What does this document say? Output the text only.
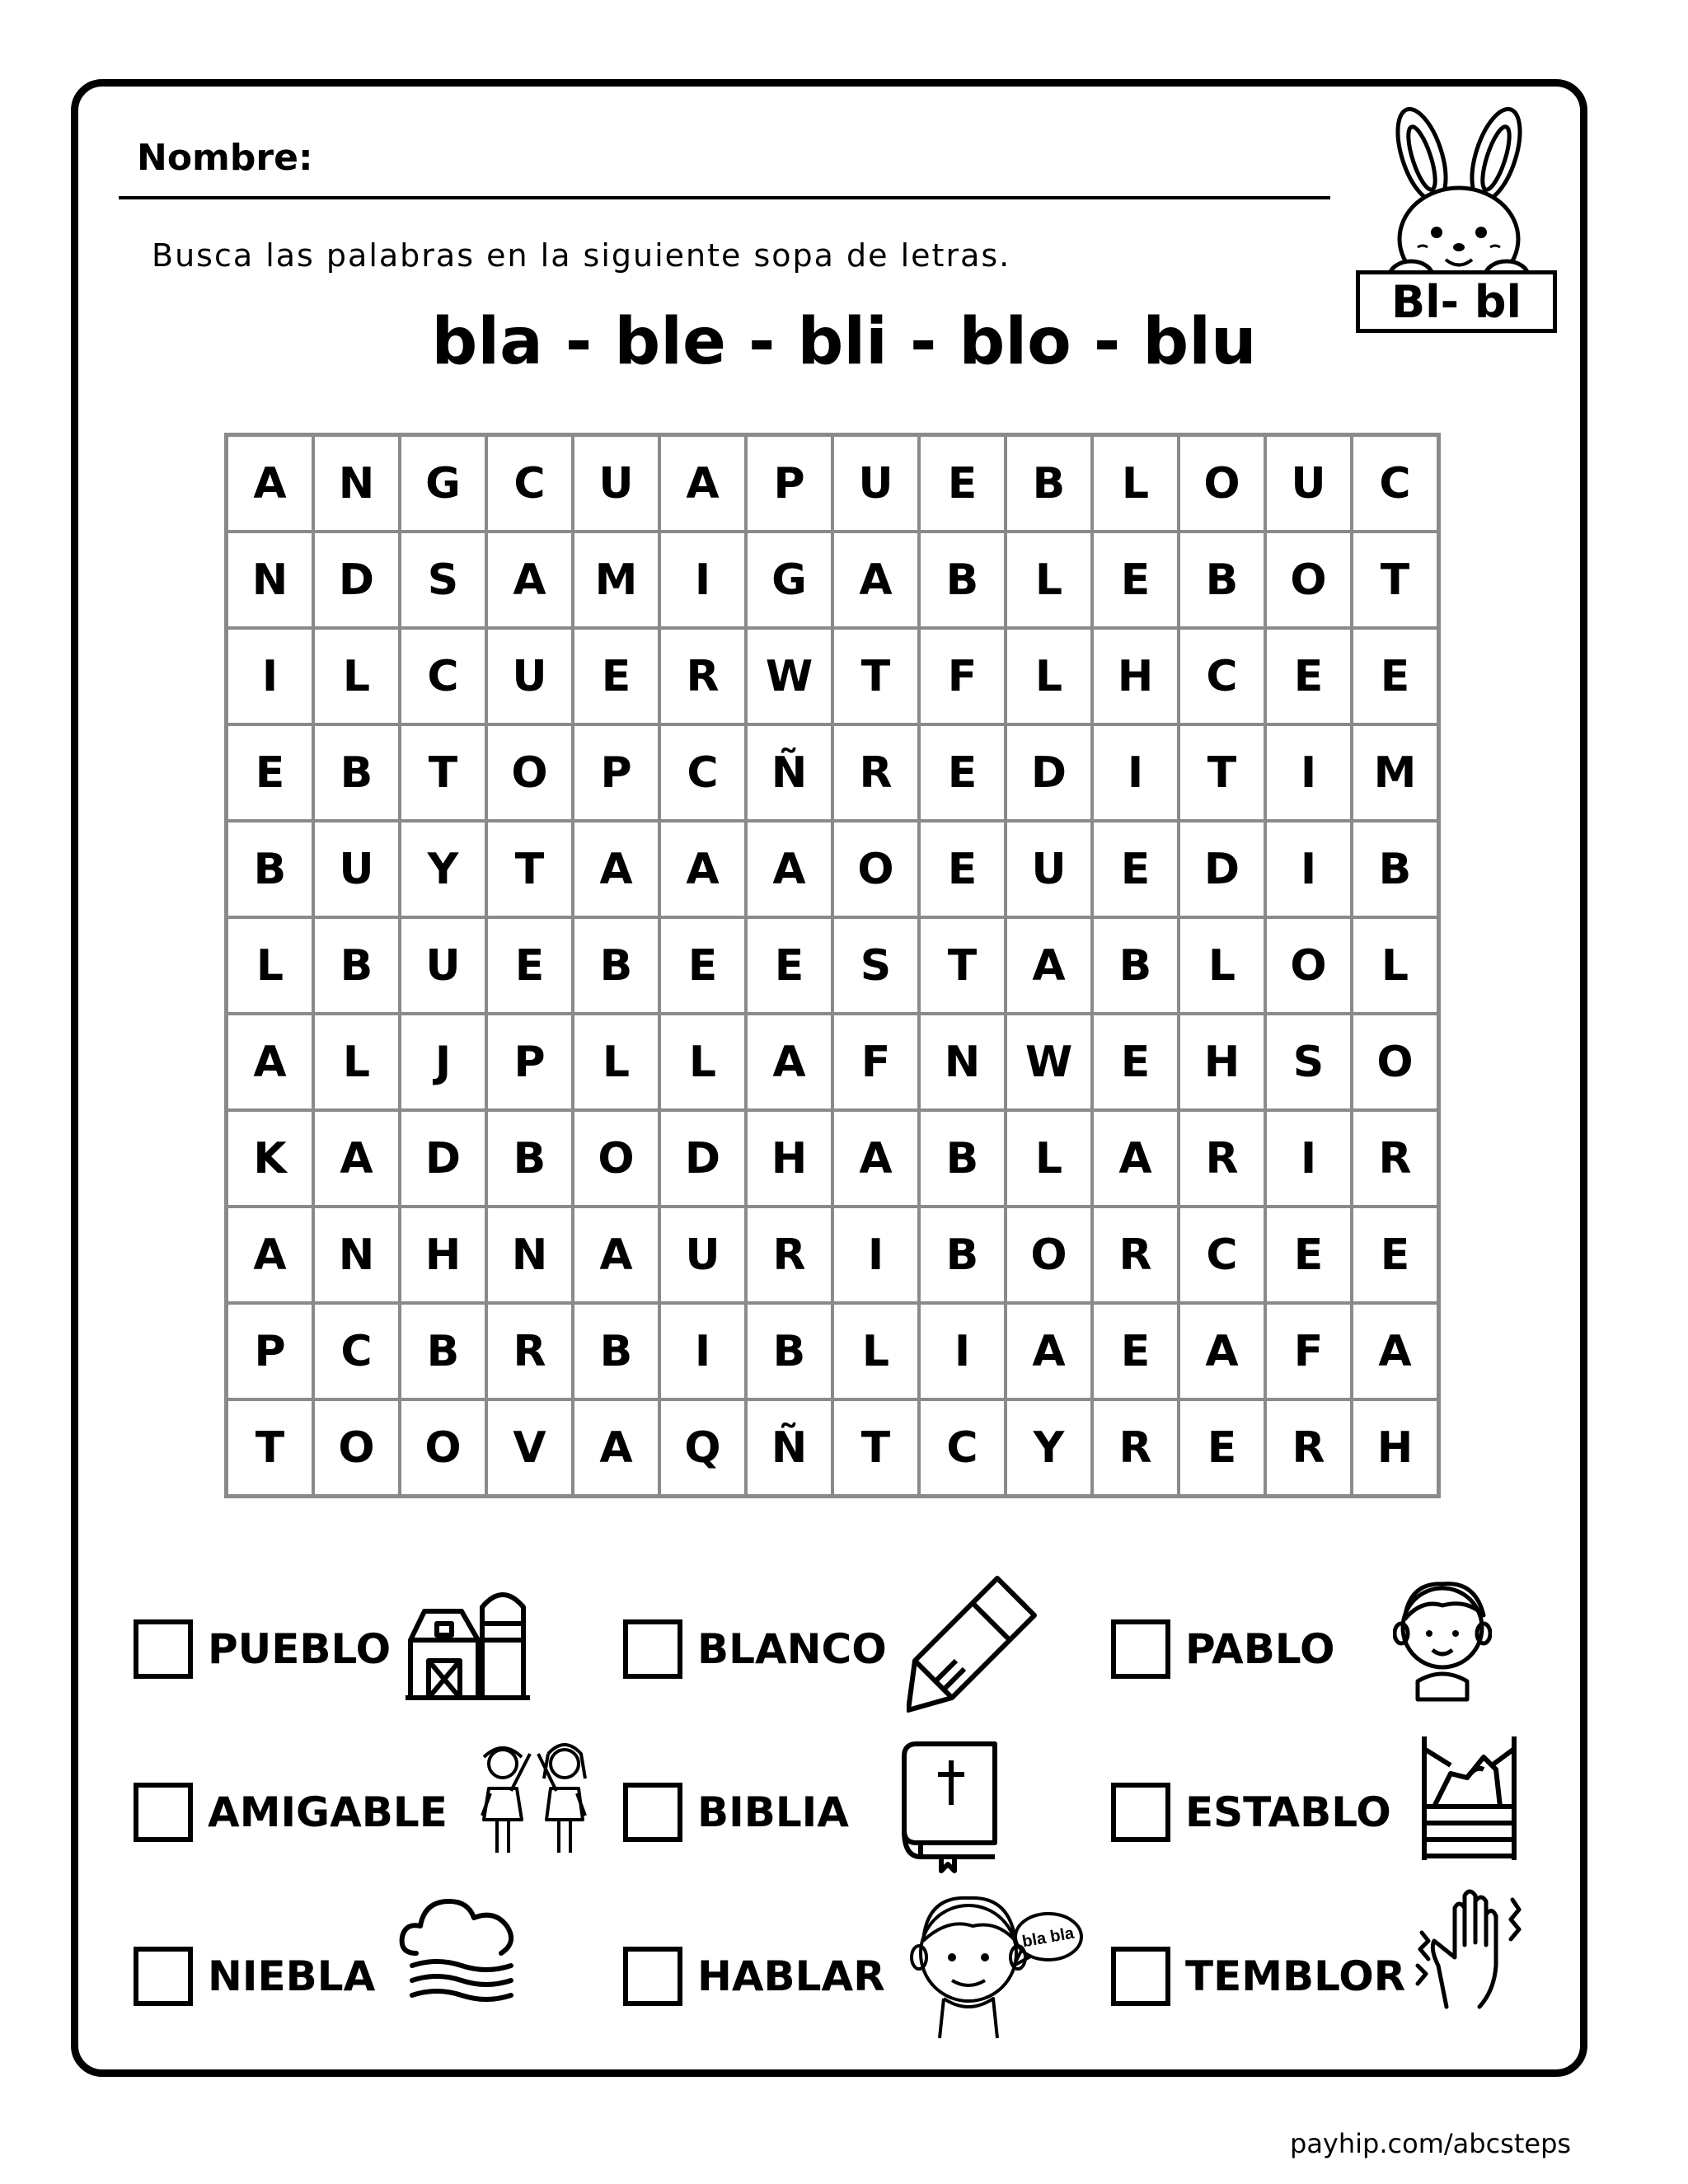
Nombre:
Busca las palabras en la siguiente sopa de letras.
bla - ble - bli - blo - blu
Bl- bl
A	N	G	C	U	A	P	U	E	B	L	O	U	C
N	D	S	A	M	I	G	A	B	L	E	B	O	T
I	L	C	U	E	R	W	T	F	L	H	C	E	E
E	B	T	O	P	C	Ñ	R	E	D	I	T	I	M
B	U	Y	T	A	A	A	O	E	U	E	D	I	B
L	B	U	E	B	E	E	S	T	A	B	L	O	L
A	L	J	P	L	L	A	F	N	W	E	H	S	O
K	A	D	B	O	D	H	A	B	L	A	R	I	R
A	N	H	N	A	U	R	I	B	O	R	C	E	E
P	C	B	R	B	I	B	L	I	A	E	A	F	A
T	O	O	V	A	Q	Ñ	T	C	Y	R	E	R	H
PUEBLO	BLANCO	PABLO
AMIGABLE	BIBLIA	ESTABLO
NIEBLA	HABLAR	TEMBLOR
bla bla
payhip.com/abcsteps
